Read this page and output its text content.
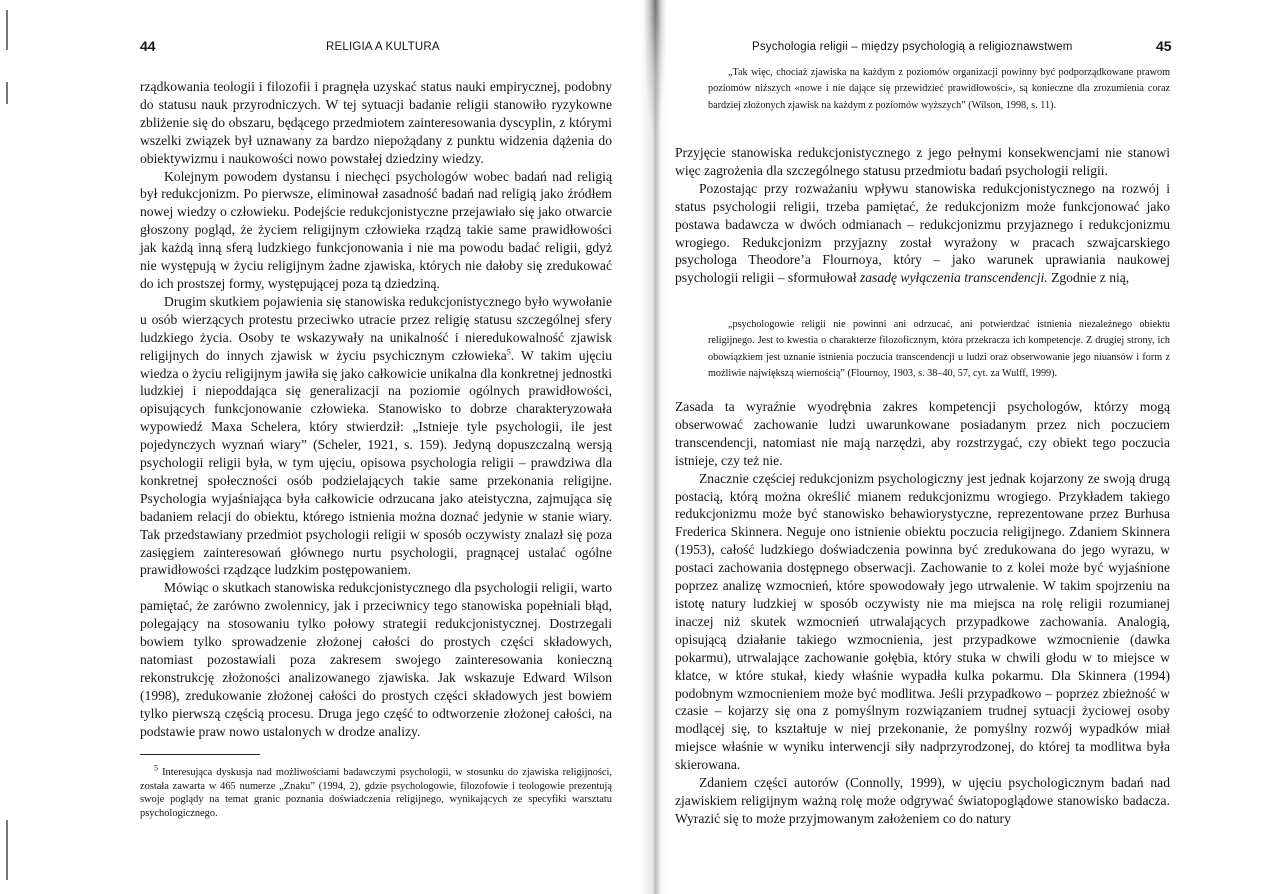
44	RELIGIA A KULTURA

rządkowania teologii i filozofii i pragnęła uzyskać status nauki empirycznej, podobny do statusu nauk przyrodniczych. W tej sytuacji badanie religii stanowiło ryzykowne zbliżenie się do obszaru, będącego przedmiotem zainteresowania dyscyplin, z którymi wszelki związek był uznawany za bardzo niepożądany z punktu widzenia dążenia do obiektywizmu i naukowości nowo powstałej dziedziny wiedzy.

Kolejnym powodem dystansu i niechęci psychologów wobec badań nad religią był redukcjonizm. Po pierwsze, eliminował zasadność badań nad religią jako źródłem nowej wiedzy o człowieku. Podejście redukcjonistyczne przejawiało się jako otwarcie głoszony pogląd, że życiem religijnym człowieka rządzą takie same prawidłowości jak każdą inną sferą ludzkiego funkcjonowania i nie ma powodu badać religii, gdyż nie występują w życiu religijnym żadne zjawiska, których nie dałoby się zredukować do ich prostszej formy, występującej poza tą dziedziną.

Drugim skutkiem pojawienia się stanowiska redukcjonistycznego było wywołanie u osób wierzących protestu przeciwko utracie przez religię statusu szczególnej sfery ludzkiego życia. Osoby te wskazywały na unikalność i nieredukowalność zjawisk religijnych do innych zjawisk w życiu psychicznym człowieka$^5$. W takim ujęciu wiedza o życiu religijnym jawiła się jako całkowicie unikalna dla konkretnej jednostki ludzkiej i niepoddająca się generalizacji na poziomie ogólnych prawidłowości, opisujących funkcjonowanie człowieka. Stanowisko to dobrze charakteryzowała wypowiedź Maxa Schelera, który stwierdził: „Istnieje tyle psychologii, ile jest pojedynczych wyznań wiary” (Scheler, 1921, s. 159). Jedyną dopuszczalną wersją psychologii religii była, w tym ujęciu, opisowa psychologia religii – prawdziwa dla konkretnej społeczności osób podzielających takie same przekonania religijne. Psychologia wyjaśniająca była całkowicie odrzucana jako ateistyczna, zajmująca się badaniem relacji do obiektu, którego istnienia można doznać jedynie w stanie wiary. Tak przedstawiany przedmiot psychologii religii w sposób oczywisty znalazł się poza zasięgiem zainteresowań głównego nurtu psychologii, pragnącej ustalać ogólne prawidłowości rządzące ludzkim postępowaniem.

Mówiąc o skutkach stanowiska redukcjonistycznego dla psychologii religii, warto pamiętać, że zarówno zwolennicy, jak i przeciwnicy tego stanowiska popełniali błąd, polegający na stosowaniu tylko połowy strategii redukcjonistycznej. Dostrzegali bowiem tylko sprowadzenie złożonej całości do prostych części składowych, natomiast pozostawiali poza zakresem swojego zainteresowania konieczną rekonstrukcję złożoności analizowanego zjawiska. Jak wskazuje Edward Wilson (1998), zredukowanie złożonej całości do prostych części składowych jest bowiem tylko pierwszą częścią procesu. Druga jego część to odtworzenie złożonej całości, na podstawie praw nowo ustalonych w drodze analizy.

$^5$ Interesująca dyskusja nad możliwościami badawczymi psychologii, w stosunku do zjawiska religijności, została zawarta w 465 numerze „Znaku” (1994, 2), gdzie psychologowie, filozofowie i teologowie prezentują swoje poglądy na temat granic poznania doświadczenia religijnego, wynikających ze specyfiki warsztatu psychologicznego.
Psychologia religii – między psychologią a religioznawstwem	45

„Tak więc, chociaż zjawiska na każdym z poziomów organizacji powinny być podporządkowane prawom poziomów niższych «nowe i nie dające się przewidzieć prawidłowości», są konieczne dla zrozumienia coraz bardziej złożonych zjawisk na każdym z poziomów wyższych” (Wilson, 1998, s. 11).

Przyjęcie stanowiska redukcjonistycznego z jego pełnymi konsekwencjami nie stanowi więc zagrożenia dla szczególnego statusu przedmiotu badań psychologii religii.

Pozostając przy rozważaniu wpływu stanowiska redukcjonistycznego na rozwój i status psychologii religii, trzeba pamiętać, że redukcjonizm może funkcjonować jako postawa badawcza w dwóch odmianach – redukcjonizmu przyjaznego i redukcjonizmu wrogiego. Redukcjonizm przyjazny został wyrażony w pracach szwajcarskiego psychologa Theodore’a Flournoya, który – jako warunek uprawiania naukowej psychologii religii – sformułował zasadę wyłączenia transcendencji. Zgodnie z nią,

„psychologowie religii nie powinni ani odrzucać, ani potwierdzać istnienia niezależnego obiektu religijnego. Jest to kwestia o charakterze filozoficznym, która przekracza ich kompetencje. Z drugiej strony, ich obowiązkiem jest uznanie istnienia poczucia transcendencji u ludzi oraz obserwowanie jego niuansów i form z możliwie największą wiernością” (Flournoy, 1903, s. 38–40, 57, cyt. za Wulff, 1999).

Zasada ta wyraźnie wyodrębnia zakres kompetencji psychologów, którzy mogą obserwować zachowanie ludzi uwarunkowane posiadanym przez nich poczuciem transcendencji, natomiast nie mają narzędzi, aby rozstrzygać, czy obiekt tego poczucia istnieje, czy też nie.

Znacznie częściej redukcjonizm psychologiczny jest jednak kojarzony ze swoją drugą postacią, którą można określić mianem redukcjonizmu wrogiego. Przykładem takiego redukcjonizmu może być stanowisko behawiorystyczne, reprezentowane przez Burhusa Frederica Skinnera. Neguje ono istnienie obiektu poczucia religijnego. Zdaniem Skinnera (1953), całość ludzkiego doświadczenia powinna być zredukowana do jego wyrazu, w postaci zachowania dostępnego obserwacji. Zachowanie to z kolei może być wyjaśnione poprzez analizę wzmocnień, które spowodowały jego utrwalenie. W takim spojrzeniu na istotę natury ludzkiej w sposób oczywisty nie ma miejsca na rolę religii rozumianej inaczej niż skutek wzmocnień utrwalających przypadkowe zachowania. Analogią, opisującą działanie takiego wzmocnienia, jest przypadkowe wzmocnienie (dawka pokarmu), utrwalające zachowanie gołębia, który stuka w chwili głodu w to miejsce w klatce, w które stukał, kiedy właśnie wypadła kulka pokarmu. Dla Skinnera (1994) podobnym wzmocnieniem może być modlitwa. Jeśli przypadkowo – poprzez zbieżność w czasie – kojarzy się ona z pomyślnym rozwiązaniem trudnej sytuacji życiowej osoby modlącej się, to kształtuje w niej przekonanie, że pomyślny rozwój wypadków miał miejsce właśnie w wyniku interwencji siły nadprzyrodzonej, do której ta modlitwa była skierowana.

Zdaniem części autorów (Connolly, 1999), w ujęciu psychologicznym badań nad zjawiskiem religijnym ważną rolę może odgrywać światopoglądowe stanowisko badacza. Wyrazić się to może przyjmowanym założeniem co do natury
